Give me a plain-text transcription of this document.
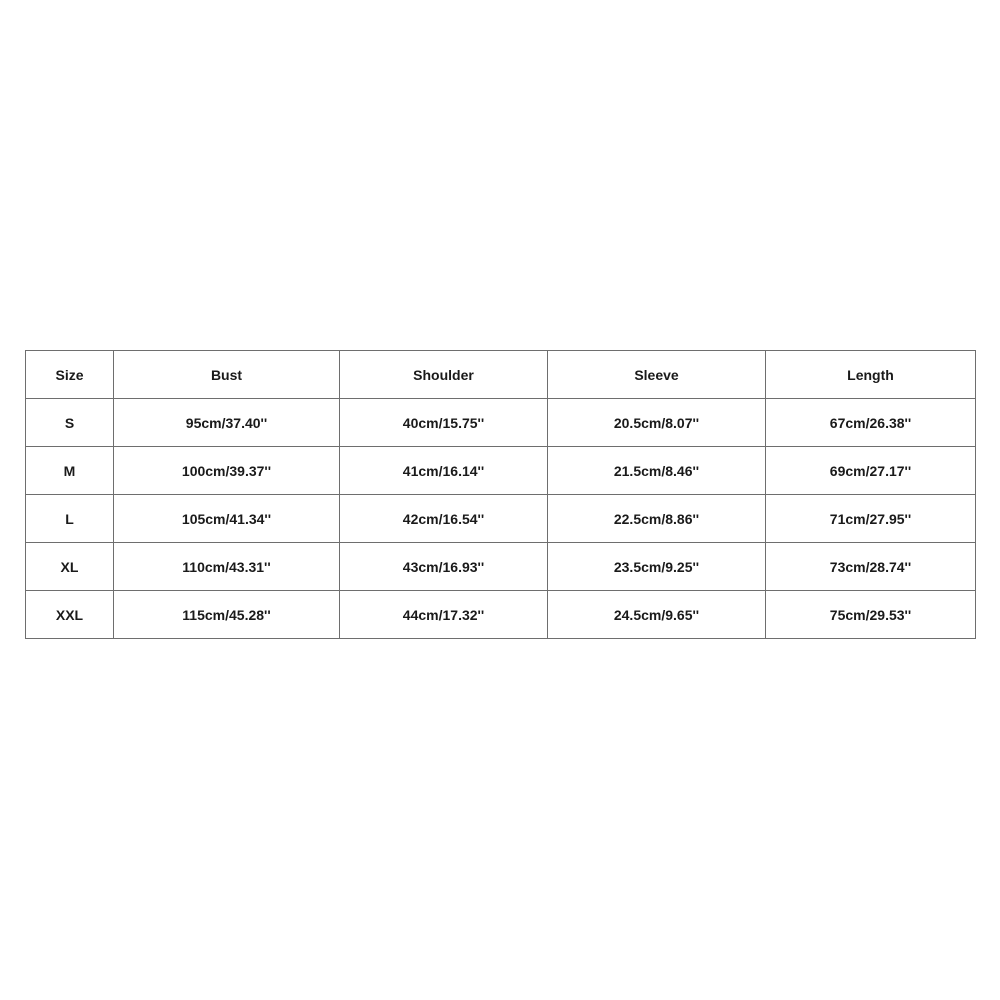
Size	Bust	Shoulder	Sleeve	Length
S	95cm/37.40''	40cm/15.75''	20.5cm/8.07''	67cm/26.38''
M	100cm/39.37''	41cm/16.14''	21.5cm/8.46''	69cm/27.17''
L	105cm/41.34''	42cm/16.54''	22.5cm/8.86''	71cm/27.95''
XL	110cm/43.31''	43cm/16.93''	23.5cm/9.25''	73cm/28.74''
XXL	115cm/45.28''	44cm/17.32''	24.5cm/9.65''	75cm/29.53''
